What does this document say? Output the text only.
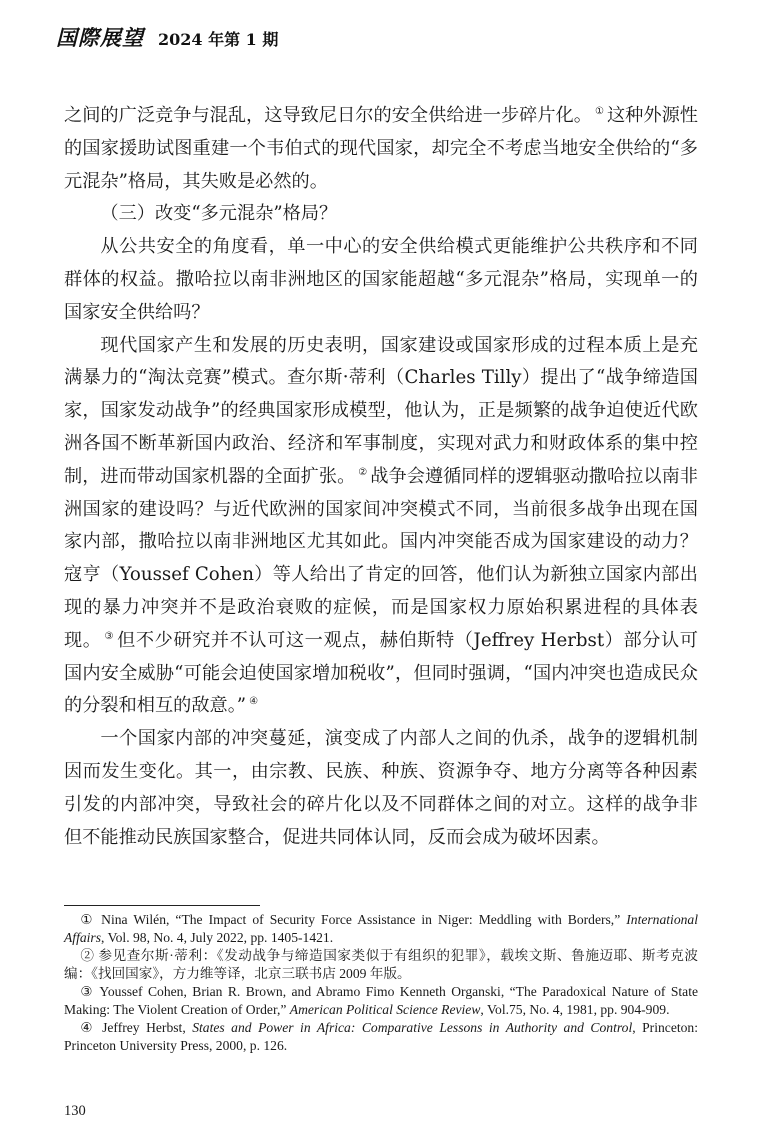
国際展望 2024 年第 1 期

之间的广泛竞争与混乱，这导致尼日尔的安全供给进一步碎片化。 ① 这种外源性的国家援助试图重建一个韦伯式的现代国家，却完全不考虑当地安全供给的“多元混杂”格局，其失败是必然的。

（三）改变“多元混杂”格局？

从公共安全的角度看，单一中心的安全供给模式更能维护公共秩序和不同群体的权益。撒哈拉以南非洲地区的国家能超越“多元混杂”格局，实现单一的国家安全供给吗？

现代国家产生和发展的历史表明，国家建设或国家形成的过程本质上是充满暴力的“淘汰竞赛”模式。查尔斯·蒂利（Charles Tilly）提出了“战争缔造国家，国家发动战争”的经典国家形成模型，他认为，正是频繁的战争迫使近代欧洲各国不断革新国内政治、经济和军事制度，实现对武力和财政体系的集中控制，进而带动国家机器的全面扩张。 ② 战争会遵循同样的逻辑驱动撒哈拉以南非洲国家的建设吗？与近代欧洲的国家间冲突模式不同，当前很多战争出现在国家内部，撒哈拉以南非洲地区尤其如此。国内冲突能否成为国家建设的动力？寇亨（Youssef Cohen）等人给出了肯定的回答，他们认为新独立国家内部出现的暴力冲突并不是政治衰败的症候，而是国家权力原始积累进程的具体表现。 ③ 但不少研究并不认可这一观点，赫伯斯特（Jeffrey Herbst）部分认可国内安全威胁“可能会迫使国家增加税收”，但同时强调，“国内冲突也造成民众的分裂和相互的敌意。” ④

一个国家内部的冲突蔓延，演变成了内部人之间的仇杀，战争的逻辑机制因而发生变化。其一，由宗教、民族、种族、资源争夺、地方分离等各种因素引发的内部冲突，导致社会的碎片化以及不同群体之间的对立。这样的战争非但不能推动民族国家整合，促进共同体认同，反而会成为破坏因素。

① Nina Wilén, “The Impact of Security Force Assistance in Niger: Meddling with Borders,” International Affairs, Vol. 98, No. 4, July 2022, pp. 1405-1421.

② 参见查尔斯·蒂利：《发动战争与缔造国家类似于有组织的犯罪》，载埃文斯、鲁施迈耶、斯考克波编：《找回国家》，方力维等译，北京三联书店 2009 年版。

③ Youssef Cohen, Brian R. Brown, and Abramo Fimo Kenneth Organski, “The Paradoxical Nature of State Making: The Violent Creation of Order,” American Political Science Review, Vol.75, No. 4, 1981, pp. 904-909.

④ Jeffrey Herbst, States and Power in Africa: Comparative Lessons in Authority and Control, Princeton: Princeton University Press, 2000, p. 126.

130
